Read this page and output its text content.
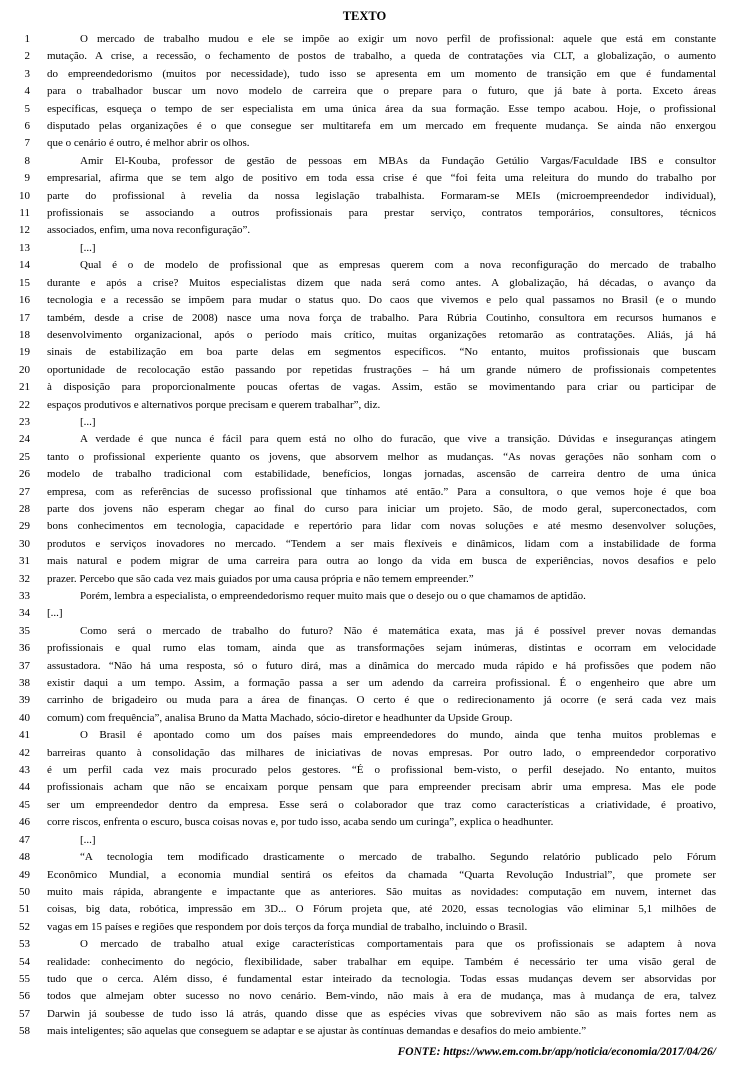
TEXTO
1	O mercado de trabalho mudou e ele se impõe ao exigir um novo perfil de profissional: aquele que está em constante
2 mutação. A crise, a recessão, o fechamento de postos de trabalho, a queda de contratações via CLT, a globalização, o aumento
3 do empreendedorismo (muitos por necessidade), tudo isso se apresenta em um momento de transição em que é fundamental
4 para o trabalhador buscar um novo modelo de carreira que o prepare para o futuro, que já bate à porta. Exceto áreas
5 específicas, esqueça o tempo de ser especialista em uma única área da sua formação. Esse tempo acabou. Hoje, o profissional
6 disputado pelas organizações é o que consegue ser multitarefa em um mercado em frequente mudança. Se ainda não enxergou
7 que o cenário é outro, é melhor abrir os olhos.
8	Amir El-Kouba, professor de gestão de pessoas em MBAs da Fundação Getúlio Vargas/Faculdade IBS e consultor
9 empresarial, afirma que se tem algo de positivo em toda essa crise é que “foi feita uma releitura do mundo do trabalho por
10 parte do profissional à revelia da nossa legislação trabalhista. Formaram-se MEIs (microempreendedor individual),
11 profissionais se associando a outros profissionais para prestar serviço, contratos temporários, consultores, técnicos
12 associados, enfim, uma nova reconfiguração”.
13	[...]
14	Qual é o de modelo de profissional que as empresas querem com a nova reconfiguração do mercado de trabalho
15 durante e após a crise? Muitos especialistas dizem que nada será como antes. A globalização, há décadas, o avanço da
16 tecnologia e a recessão se impõem para mudar o status quo. Do caos que vivemos e pelo qual passamos no Brasil (e o mundo
17 também, desde a crise de 2008) nasce uma nova força de trabalho. Para Rúbria Coutinho, consultora em recursos humanos e
18 desenvolvimento organizacional, após o período mais crítico, muitas organizações retomarão as contratações. Aliás, já há
19 sinais de estabilização em boa parte delas em segmentos específicos. “No entanto, muitos profissionais que buscam
20 oportunidade de recolocação estão passando por repetidas frustrações – há um grande número de profissionais competentes
21 à disposição para proporcionalmente poucas ofertas de vagas. Assim, estão se movimentando para criar ou participar de
22 espaços produtivos e alternativos porque precisam e querem trabalhar”, diz.
23	[...]
24	A verdade é que nunca é fácil para quem está no olho do furacão, que vive a transição. Dúvidas e inseguranças atingem
25 tanto o profissional experiente quanto os jovens, que absorvem melhor as mudanças. “As novas gerações não sonham com o
26 modelo de trabalho tradicional com estabilidade, benefícios, longas jornadas, ascensão de carreira dentro de uma única
27 empresa, com as referências de sucesso profissional que tínhamos até então.” Para a consultora, o que vemos hoje é que boa
28 parte dos jovens não esperam chegar ao final do curso para iniciar um projeto. São, de modo geral, superconectados, com
29 bons conhecimentos em tecnologia, capacidade e repertório para lidar com novas soluções e até mesmo desenvolver soluções,
30 produtos e serviços inovadores no mercado. “Tendem a ser mais flexíveis e dinâmicos, lidam com a instabilidade de forma
31 mais natural e podem migrar de uma carreira para outra ao longo da vida em busca de experiências, novos desafios e pelo
32 prazer. Percebo que são cada vez mais guiados por uma causa própria e não temem empreender.”
33	Porém, lembra a especialista, o empreendedorismo requer muito mais que o desejo ou o que chamamos de aptidão.
34 [...]
35	Como será o mercado de trabalho do futuro? Não é matemática exata, mas já é possível prever novas demandas
36 profissionais e qual rumo elas tomam, ainda que as transformações sejam inúmeras, distintas e ocorram em velocidade
37 assustadora. “Não há uma resposta, só o futuro dirá, mas a dinâmica do mercado muda rápido e há profissões que podem não
38 existir daqui a um tempo. Assim, a formação passa a ser um adendo da carreira profissional. É o engenheiro que abre um
39 carrinho de brigadeiro ou muda para a área de finanças. O certo é que o redirecionamento já ocorre (e será cada vez mais
40 comum) com frequência”, analisa Bruno da Matta Machado, sócio-diretor e headhunter da Upside Group.
41	O Brasil é apontado como um dos países mais empreendedores do mundo, ainda que tenha muitos problemas e
42 barreiras quanto à consolidação das milhares de iniciativas de novas empresas. Por outro lado, o empreendedor corporativo
43 é um perfil cada vez mais procurado pelos gestores. “É o profissional bem-visto, o perfil desejado. No entanto, muitos
44 profissionais acham que não se encaixam porque pensam que para empreender precisam abrir uma empresa. Mas ele pode
45 ser um empreendedor dentro da empresa. Esse será o colaborador que traz como características a criatividade, é proativo,
46 corre riscos, enfrenta o escuro, busca coisas novas e, por tudo isso, acaba sendo um curinga”, explica o headhunter.
47	[...]
48	“A tecnologia tem modificado drasticamente o mercado de trabalho. Segundo relatório publicado pelo Fórum
49 Econômico Mundial, a economia mundial sentirá os efeitos da chamada “Quarta Revolução Industrial”, que promete ser
50 muito mais rápida, abrangente e impactante que as anteriores. São muitas as novidades: computação em nuvem, internet das
51 coisas, big data, robótica, impressão em 3D... O Fórum projeta que, até 2020, essas tecnologias vão eliminar 5,1 milhões de
52 vagas em 15 países e regiões que respondem por dois terços da força mundial de trabalho, incluindo o Brasil.
53	O mercado de trabalho atual exige características comportamentais para que os profissionais se adaptem à nova
54 realidade: conhecimento do negócio, flexibilidade, saber trabalhar em equipe. Também é necessário ter uma visão geral de
55 tudo que o cerca. Além disso, é fundamental estar inteirado da tecnologia. Todas essas mudanças devem ser absorvidas por
56 todos que almejam obter sucesso no novo cenário. Bem-vindo, não mais à era de mudança, mas à mudança de era, talvez
57 Darwin já soubesse de tudo isso lá atrás, quando disse que as espécies vivas que sobrevivem não são as mais fortes nem as
58 mais inteligentes; são aquelas que conseguem se adaptar e se ajustar às contínuas demandas e desafios do meio ambiente.”
FONTE: https://www.em.com.br/app/noticia/economia/2017/04/26/
